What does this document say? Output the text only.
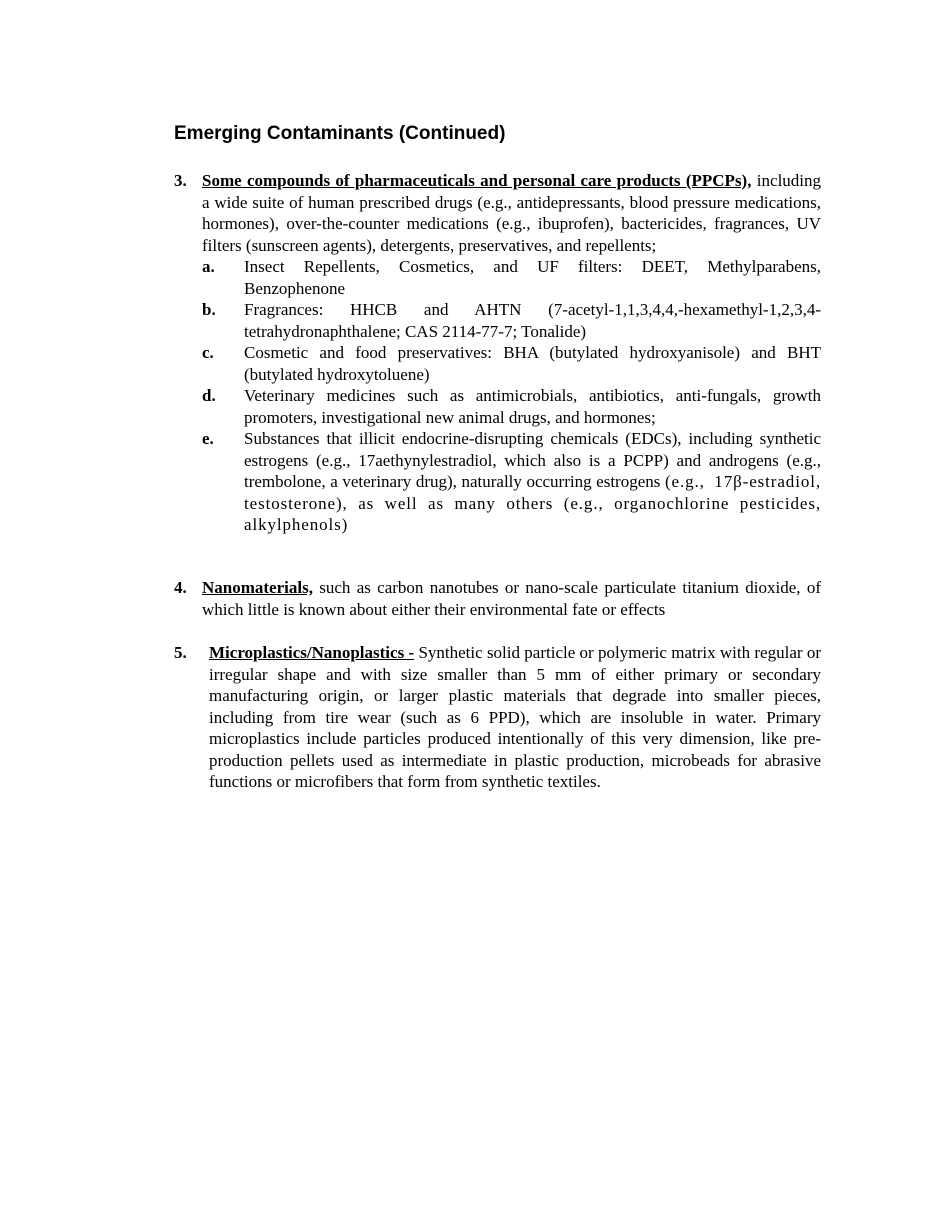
Emerging Contaminants (Continued)
3. Some compounds of pharmaceuticals and personal care products (PPCPs), including a wide suite of human prescribed drugs (e.g., antidepressants, blood pressure medications, hormones), over-the-counter medications (e.g., ibuprofen), bactericides, fragrances, UV filters (sunscreen agents), detergents, preservatives, and repellents;
a. Insect Repellents, Cosmetics, and UF filters: DEET, Methylparabens, Benzophenone
b. Fragrances: HHCB and AHTN (7-acetyl-1,1,3,4,4,-hexamethyl-1,2,3,4-tetrahydronaphthalene; CAS 2114-77-7; Tonalide)
c. Cosmetic and food preservatives: BHA (butylated hydroxyanisole) and BHT (butylated hydroxytoluene)
d. Veterinary medicines such as antimicrobials, antibiotics, anti-fungals, growth promoters, investigational new animal drugs, and hormones;
e. Substances that illicit endocrine-disrupting chemicals (EDCs), including synthetic estrogens (e.g., 17aethynylestradiol, which also is a PCPP) and androgens (e.g., trembolone, a veterinary drug), naturally occurring estrogens (e.g., 17β-estradiol, testosterone), as well as many others (e.g., organochlorine pesticides, alkylphenols)
4. Nanomaterials, such as carbon nanotubes or nano-scale particulate titanium dioxide, of which little is known about either their environmental fate or effects
5. Microplastics/Nanoplastics - Synthetic solid particle or polymeric matrix with regular or irregular shape and with size smaller than 5 mm of either primary or secondary manufacturing origin, or larger plastic materials that degrade into smaller pieces, including from tire wear (such as 6 PPD), which are insoluble in water. Primary microplastics include particles produced intentionally of this very dimension, like pre-production pellets used as intermediate in plastic production, microbeads for abrasive functions or microfibers that form from synthetic textiles.
